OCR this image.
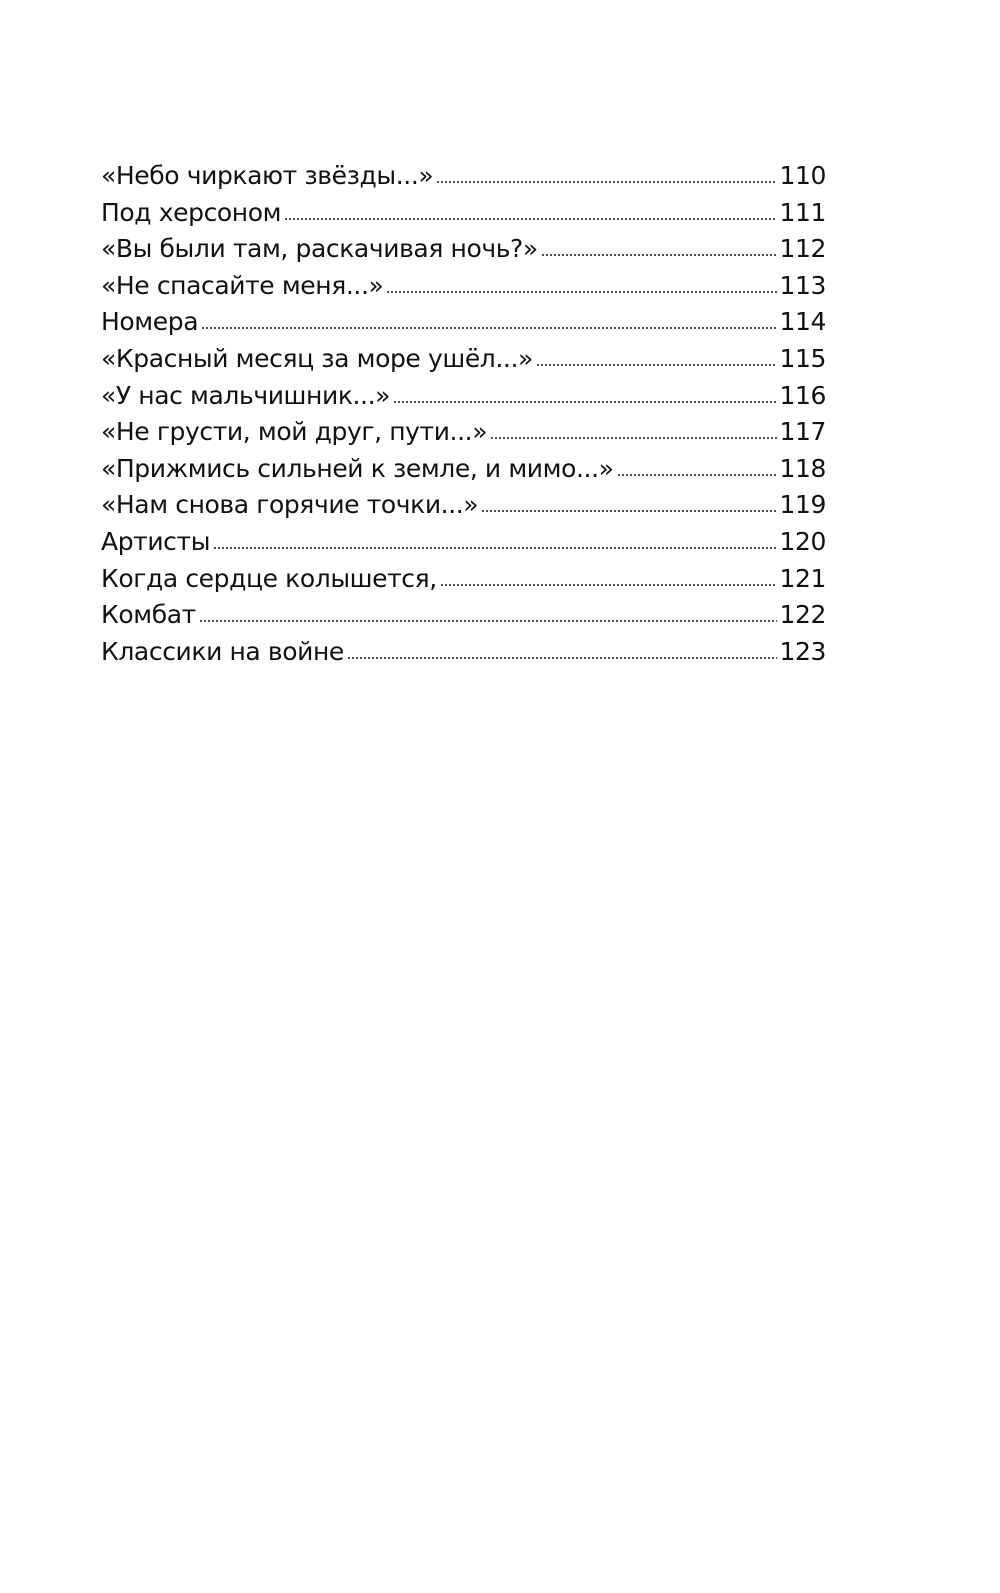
«Небо чиркают звёзды...»	110
Под херсоном	111
«Вы были там, раскачивая ночь?»	112
«Не спасайте меня...»	113
Номера	114
«Красный месяц за море ушёл...»	115
«У нас мальчишник...»	116
«Не грусти, мой друг, пути...»	117
«Прижмись сильней к земле, и мимо...»	118
«Нам снова горячие точки...»	119
Артисты	120
Когда сердце колышется,	121
Комбат	122
Классики на войне	123
